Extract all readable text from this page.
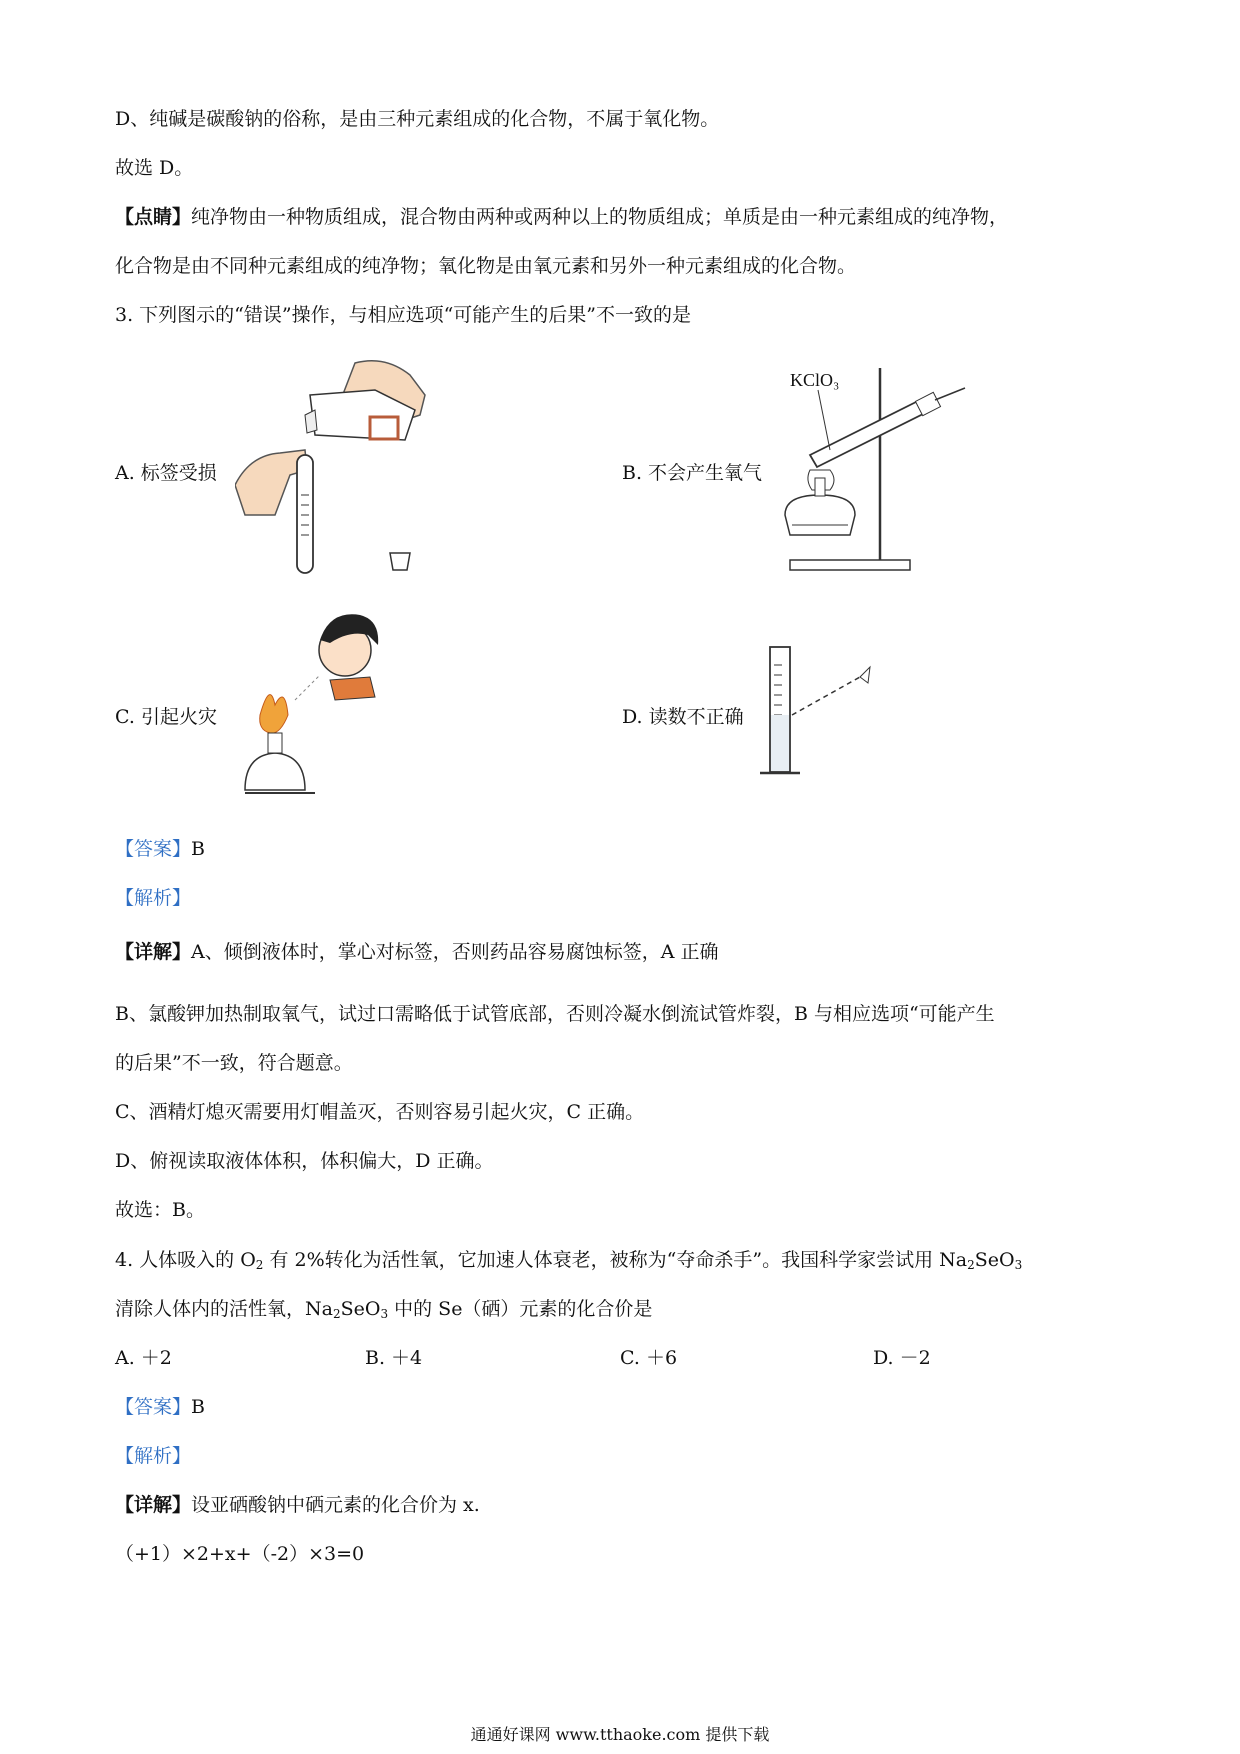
D、纯碱是碳酸钠的俗称，是由三种元素组成的化合物，不属于氧化物。
故选 D。
【点睛】纯净物由一种物质组成，混合物由两种或两种以上的物质组成；单质是由一种元素组成的纯净物，
化合物是由不同种元素组成的纯净物；氧化物是由氧元素和另外一种元素组成的化合物。
3. 下列图示的“错误”操作，与相应选项“可能产生的后果”不一致的是
A. 标签受损	B. 不会产生氧气
C. 引起火灾	D. 读数不正确
KClO₃
【答案】B
【解析】
【详解】A、倾倒液体时，掌心对标签，否则药品容易腐蚀标签，A 正确
B、氯酸钾加热制取氧气，试过口需略低于试管底部，否则冷凝水倒流试管炸裂，B 与相应选项“可能产生
的后果”不一致，符合题意。
C、酒精灯熄灭需要用灯帽盖灭，否则容易引起火灾，C 正确。
D、俯视读取液体体积，体积偏大，D 正确。
故选：B。
4. 人体吸入的 $O_2$ 有 2%转化为活性氧，它加速人体衰老，被称为“夺命杀手”。我国科学家尝试用 $Na_2SeO_3$
清除人体内的活性氧，$Na_2SeO_3$ 中的 Se（硒）元素的化合价是
A. ＋2	B. ＋4	C. ＋6	D. －2
【答案】B
【解析】
【详解】设亚硒酸钠中硒元素的化合价为 x.
（+1）×2+x+（-2）×3=0
通通好课网 www.tthaoke.com 提供下载
